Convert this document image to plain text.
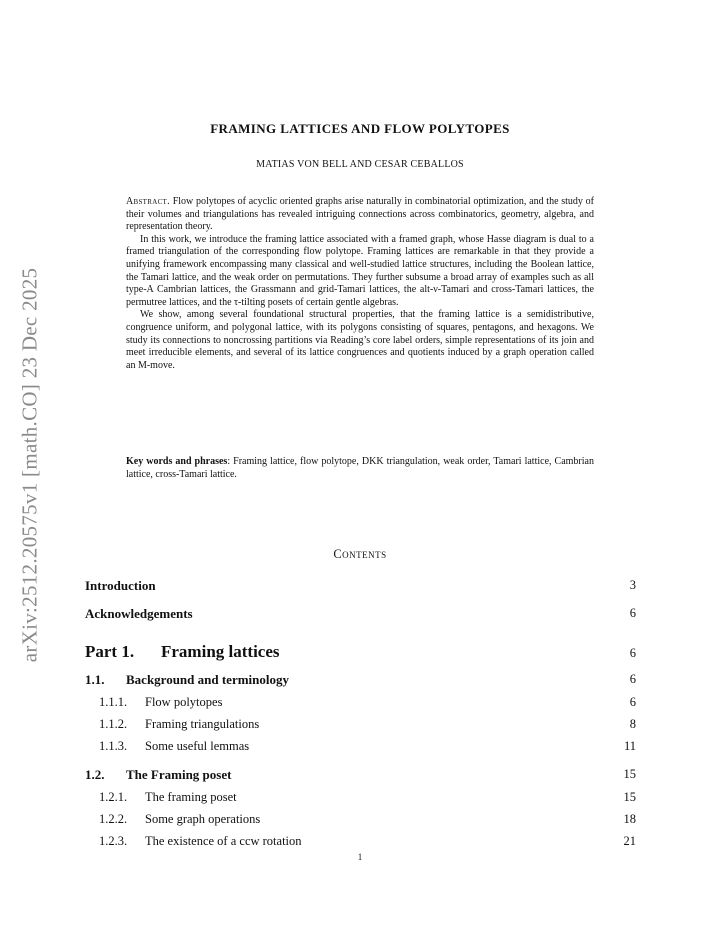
arXiv:2512.20575v1 [math.CO] 23 Dec 2025
FRAMING LATTICES AND FLOW POLYTOPES
MATIAS VON BELL AND CESAR CEBALLOS

Abstract. Flow polytopes of acyclic oriented graphs arise naturally in combinatorial optimization, and the study of their volumes and triangulations has revealed intriguing connections across combinatorics, geometry, algebra, and representation theory.

In this work, we introduce the framing lattice associated with a framed graph, whose Hasse diagram is dual to a framed triangulation of the corresponding flow polytope. Framing lattices are remarkable in that they provide a unifying framework encompassing many classical and well-studied lattice structures, including the Boolean lattice, the Tamari lattice, and the weak order on permutations. They further subsume a broad array of examples such as all type-A Cambrian lattices, the Grassmann and grid-Tamari lattices, the alt-ν-Tamari and cross-Tamari lattices, the permutree lattices, and the τ-tilting posets of certain gentle algebras.

We show, among several foundational structural properties, that the framing lattice is a semidistributive, congruence uniform, and polygonal lattice, with its polygons consisting of squares, pentagons, and hexagons. We study its connections to noncrossing partitions via Reading’s core label orders, simple representations of its join and meet irreducible elements, and several of its lattice congruences and quotients induced by a graph operation called an M-move.

Key words and phrases: Framing lattice, flow polytope, DKK triangulation, weak order, Tamari lattice, Cambrian lattice, cross-Tamari lattice.
Contents
Introduction	3
Acknowledgements	6
Part 1. Framing lattices	6
1.1. Background and terminology	6
1.1.1. Flow polytopes	6
1.1.2. Framing triangulations	8
1.1.3. Some useful lemmas	11
1.2. The Framing poset	15
1.2.1. The framing poset	15
1.2.2. Some graph operations	18
1.2.3. The existence of a ccw rotation	21
1
